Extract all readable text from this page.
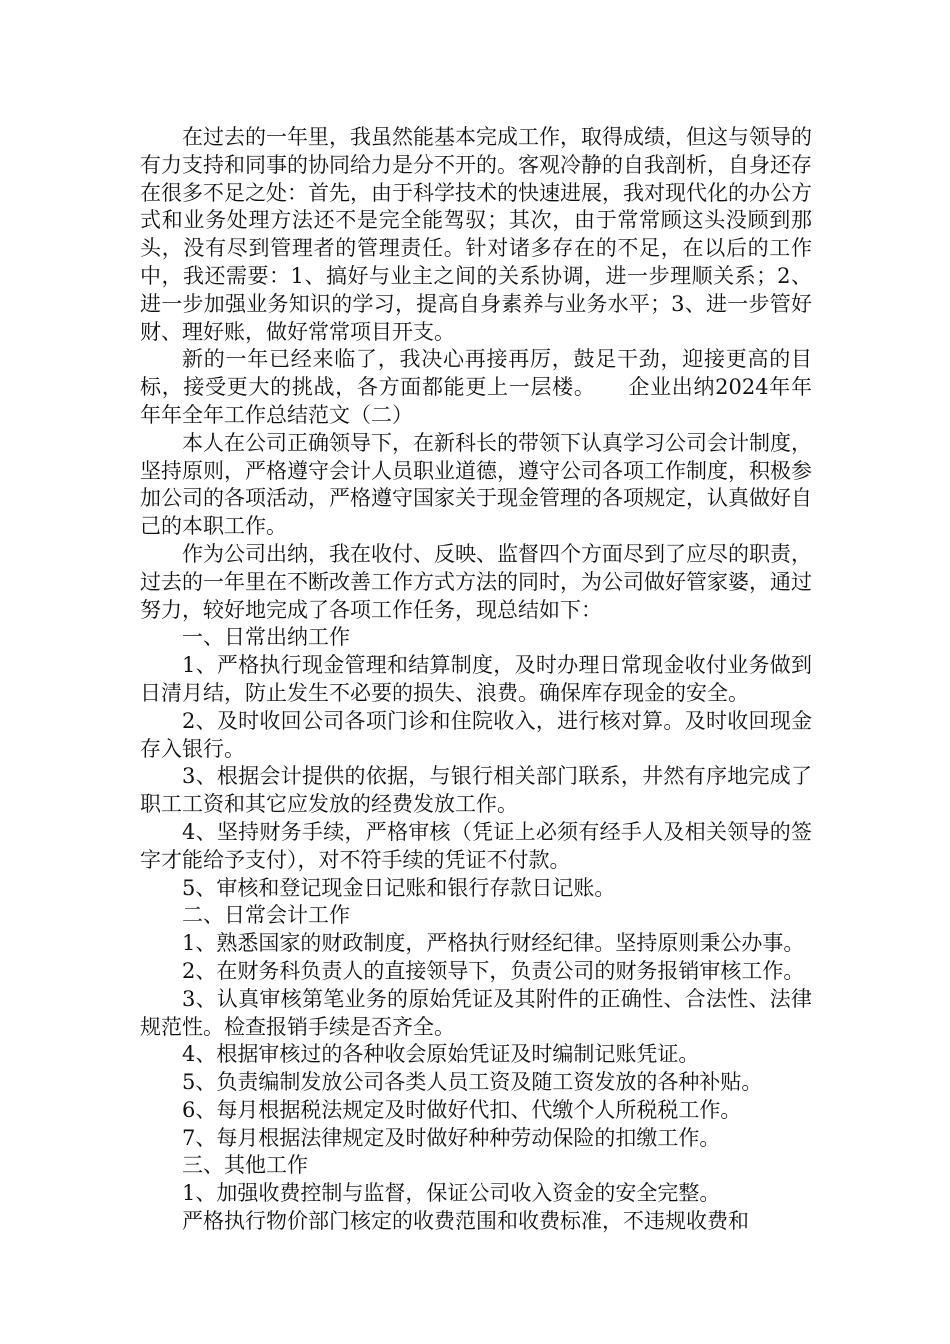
在过去的一年里，我虽然能基本完成工作，取得成绩，但这与领导的有力支持和同事的协同给力是分不开的。客观冷静的自我剖析，自身还存在很多不足之处：首先，由于科学技术的快速进展，我对现代化的办公方式和业务处理方法还不是完全能驾驭；其次，由于常常顾这头没顾到那头，没有尽到管理者的管理责任。针对诸多存在的不足，在以后的工作中，我还需要：1、搞好与业主之间的关系协调，进一步理顺关系；2、进一步加强业务知识的学习，提高自身素养与业务水平；3、进一步管好财、理好账，做好常常项目开支。

新的一年已经来临了，我决心再接再厉，鼓足干劲，迎接更高的目标，接受更大的挑战，各方面都能更上一层楼。　　企业出纳2024年年年年全年工作总结范文（二）

本人在公司正确领导下，在新科长的带领下认真学习公司会计制度，坚持原则，严格遵守会计人员职业道德，遵守公司各项工作制度，积极参加公司的各项活动，严格遵守国家关于现金管理的各项规定，认真做好自己的本职工作。

作为公司出纳，我在收付、反映、监督四个方面尽到了应尽的职责，过去的一年里在不断改善工作方式方法的同时，为公司做好管家婆，通过努力，较好地完成了各项工作任务，现总结如下：

一、日常出纳工作

1、严格执行现金管理和结算制度，及时办理日常现金收付业务做到日清月结，防止发生不必要的损失、浪费。确保库存现金的安全。

2、及时收回公司各项门诊和住院收入，进行核对算。及时收回现金存入银行。

3、根据会计提供的依据，与银行相关部门联系，井然有序地完成了职工工资和其它应发放的经费发放工作。

4、坚持财务手续，严格审核（凭证上必须有经手人及相关领导的签字才能给予支付），对不符手续的凭证不付款。

5、审核和登记现金日记账和银行存款日记账。

二、日常会计工作

1、熟悉国家的财政制度，严格执行财经纪律。坚持原则秉公办事。

2、在财务科负责人的直接领导下，负责公司的财务报销审核工作。

3、认真审核第笔业务的原始凭证及其附件的正确性、合法性、法律规范性。检查报销手续是否齐全。

4、根据审核过的各种收会原始凭证及时编制记账凭证。

5、负责编制发放公司各类人员工资及随工资发放的各种补贴。

6、每月根据税法规定及时做好代扣、代缴个人所税税工作。

7、每月根据法律规定及时做好种种劳动保险的扣缴工作。

三、其他工作

1、加强收费控制与监督，保证公司收入资金的安全完整。

严格执行物价部门核定的收费范围和收费标准，不违规收费和
